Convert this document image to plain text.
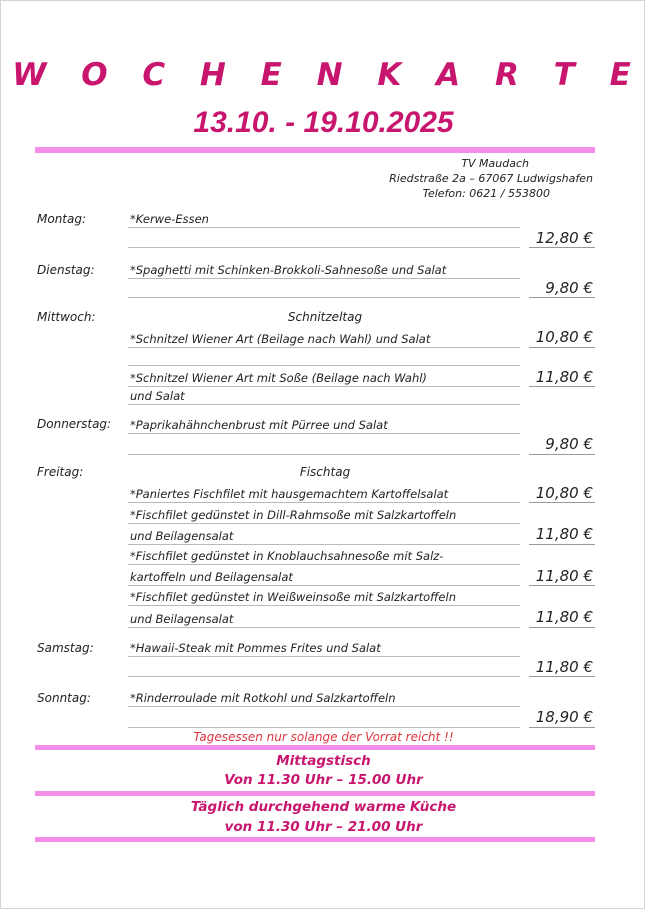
W O C H E N K A R T E
13.10. - 19.10.2025
TV Maudach
Riedstraße 2a – 67067 Ludwigshafen
Telefon: 0621 / 553800
Montag:	*Kerwe-Essen
12,80 €
Dienstag:	*Spaghetti mit Schinken-Brokkoli-Sahnesoße und Salat
9,80 €
Mittwoch:	Schnitzeltag
*Schnitzel Wiener Art (Beilage nach Wahl) und Salat	10,80 €
*Schnitzel Wiener Art mit Soße (Beilage nach Wahl)	11,80 €
und Salat
Donnerstag: *Paprikahähnchenbrust mit Pürree und Salat
9,80 €
Freitag:	Fischtag
*Paniertes Fischfilet mit hausgemachtem Kartoffelsalat	10,80 €
*Fischfilet gedünstet in Dill-Rahmsoße mit Salzkartoffeln
und Beilagensalat	11,80 €
*Fischfilet gedünstet in Knoblauchsahnesoße mit Salz-
kartoffeln und Beilagensalat	11,80 €
*Fischfilet gedünstet in Weißweinsoße mit Salzkartoffeln
und Beilagensalat	11,80 €
Samstag:	*Hawaii-Steak mit Pommes Frites und Salat
11,80 €
Sonntag:	*Rinderroulade mit Rotkohl und Salzkartoffeln
18,90 €
Tagesessen nur solange der Vorrat reicht !!
Mittagstisch
Von 11.30 Uhr – 15.00 Uhr
Täglich durchgehend warme Küche
von 11.30 Uhr – 21.00 Uhr
